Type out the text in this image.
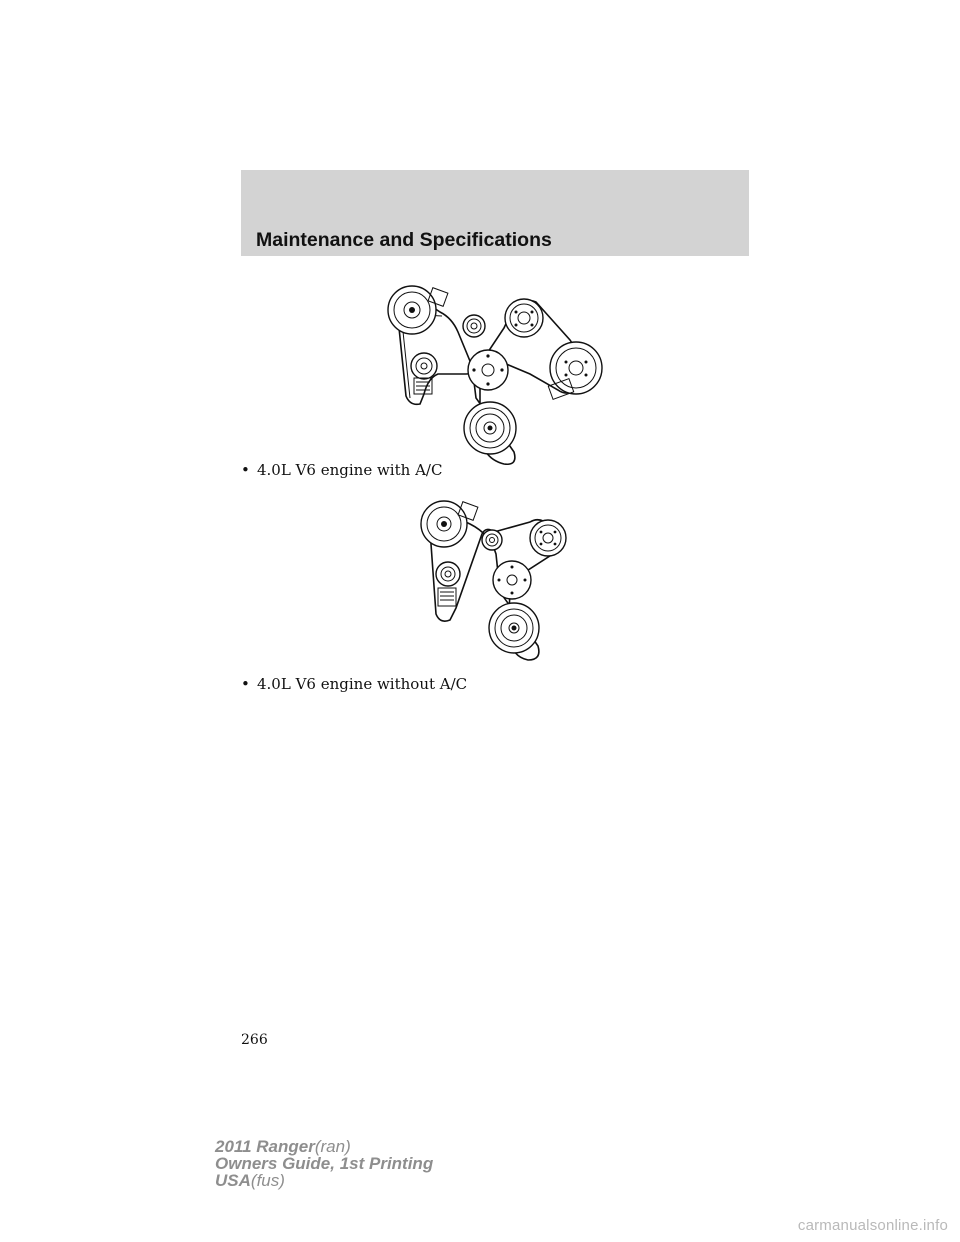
Maintenance and Specifications
• 4.0L V6 engine with A/C
• 4.0L V6 engine without A/C
266
2011 Ranger(ran)
Owners Guide, 1st Printing
USA(fus)
carmanualsonline.info
